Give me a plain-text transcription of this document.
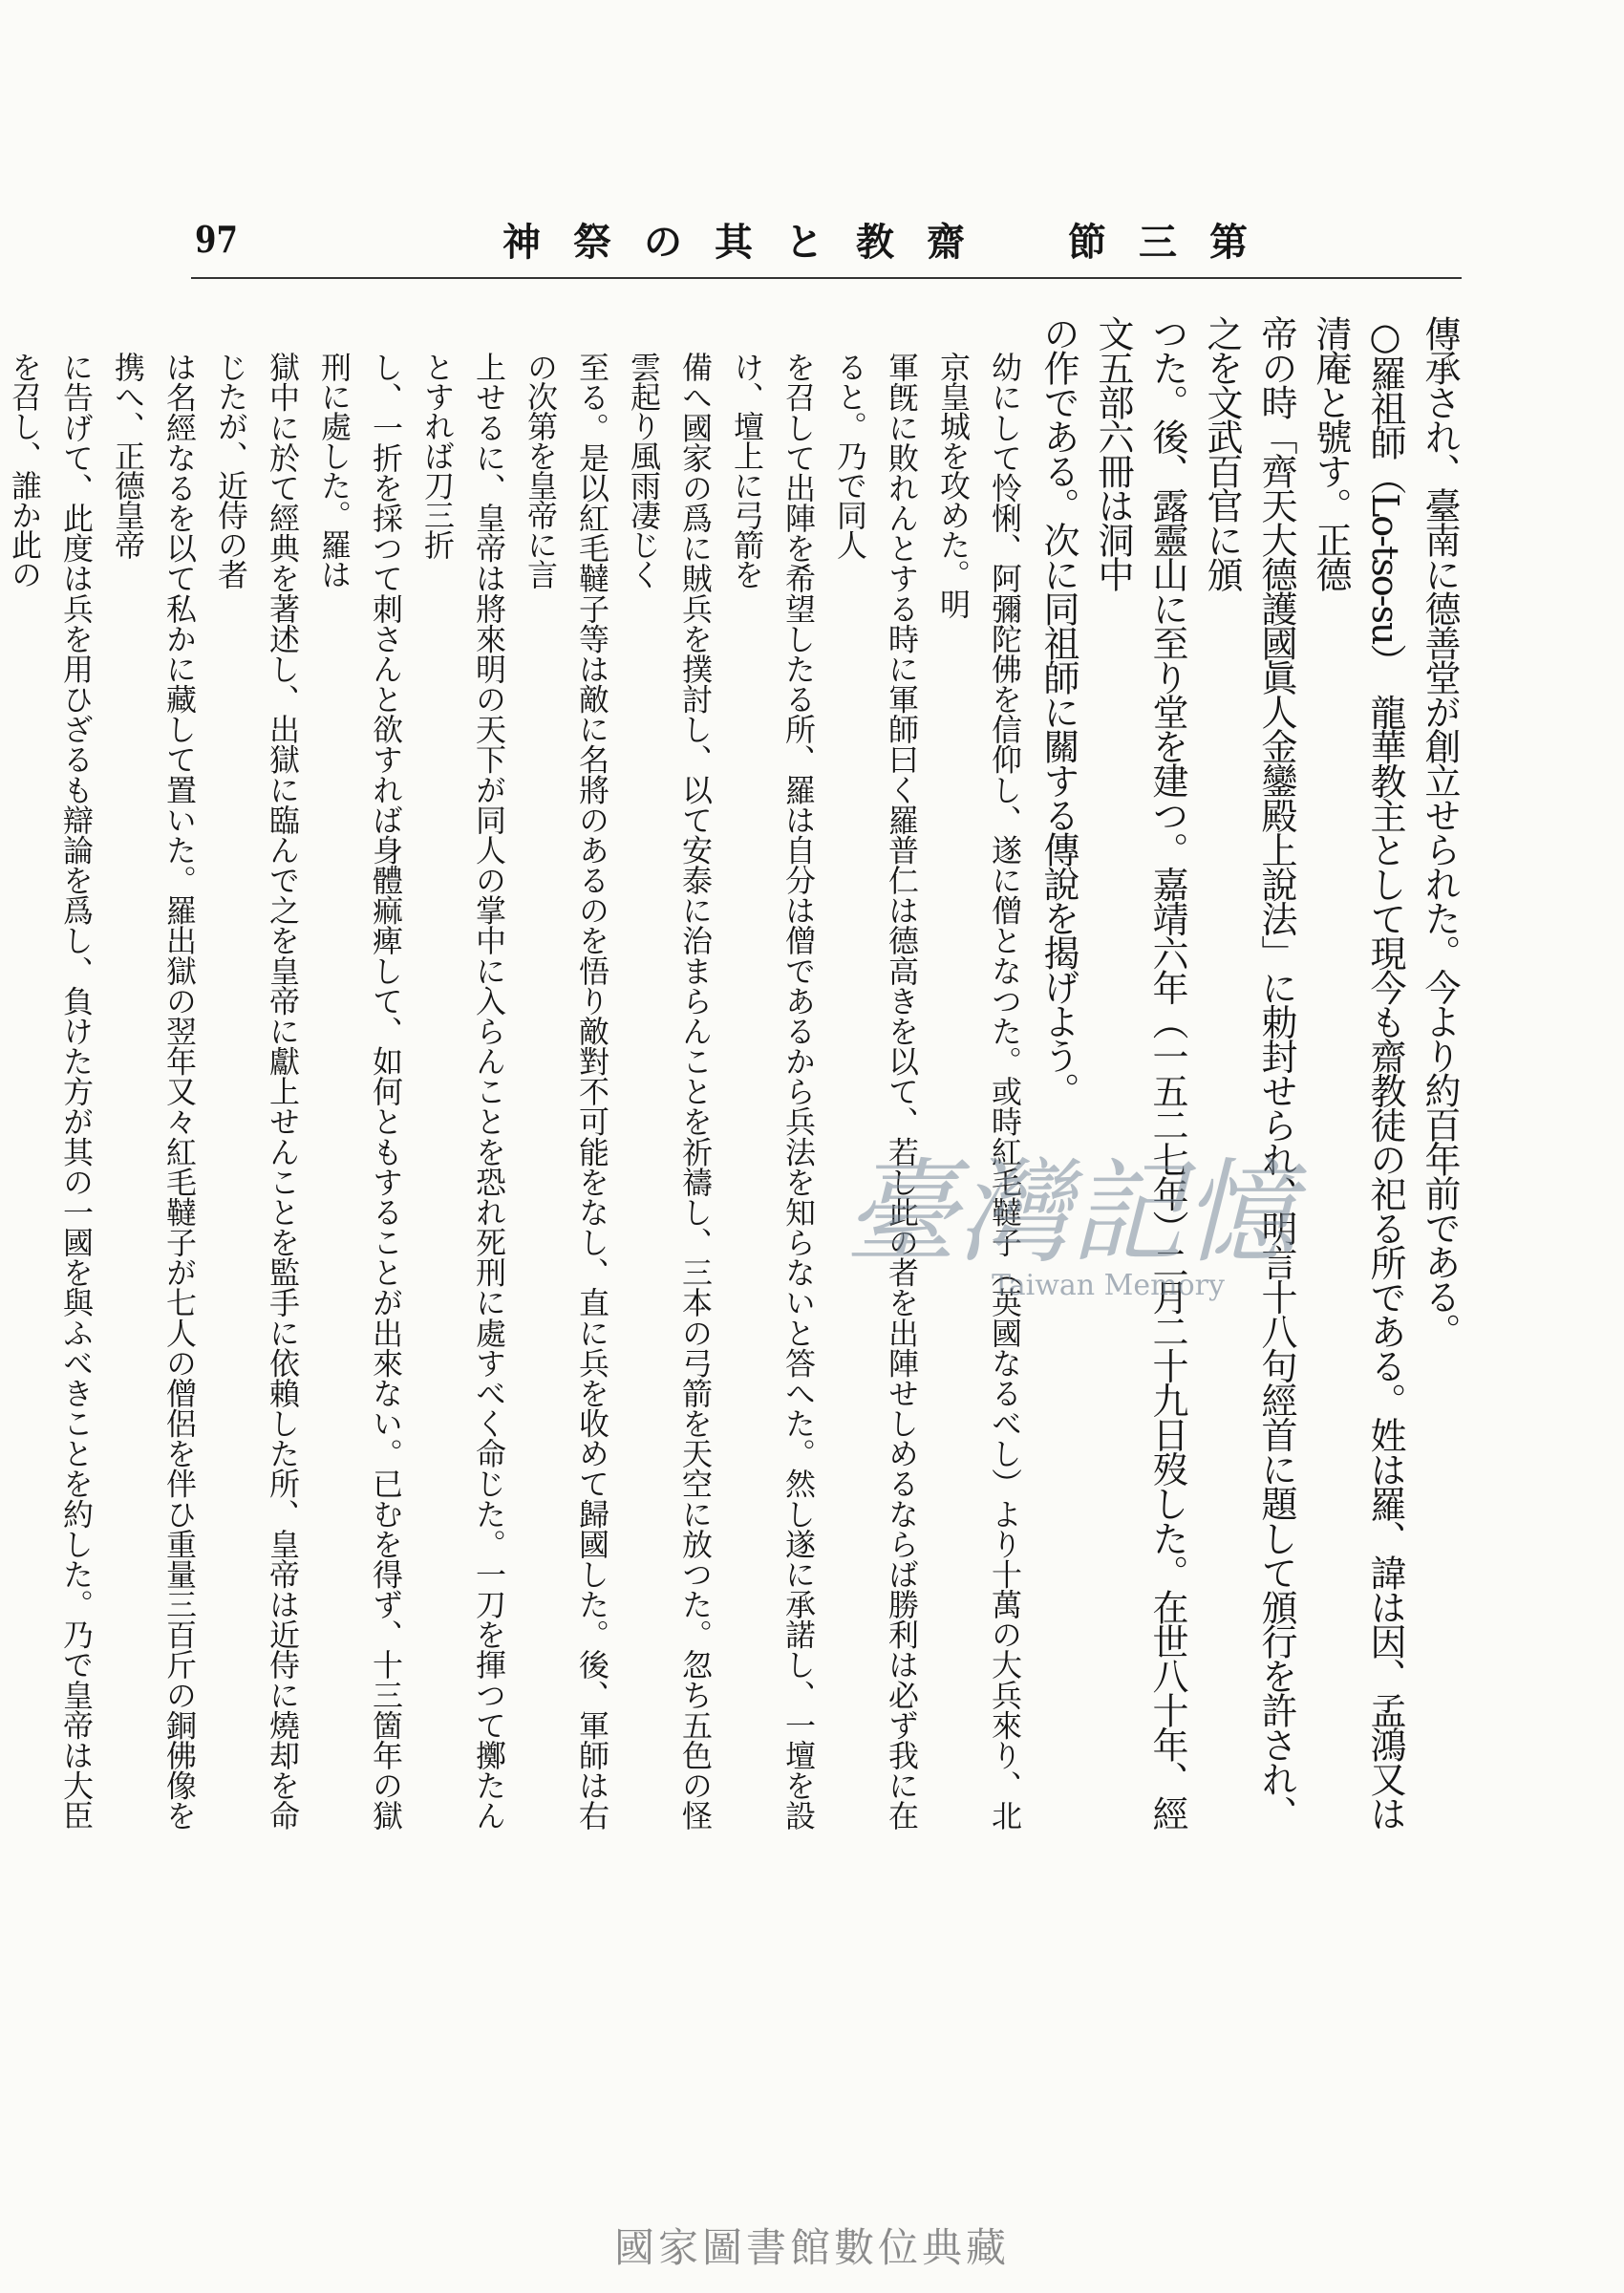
97	第三節　齋教と其の祭神

傳承され、臺南に德善堂が創立せられた。今より約百年前である。

○羅祖師（Lo-tso-su）　龍華教主として現今も齋教徒の祀る所である。姓は羅、諱は因、孟鴻又は清庵と號す。正德

帝の時「齊天大德護國眞人金鑾殿上說法」に勅封せられ、明言十八句經首に題して頒行を許され、之を文武百官に頒

つた。後、露靈山に至り堂を建つ。嘉靖六年（一五二七年）二月二十九日歿した。在世八十年、經文五部六冊は洞中

の作である。次に同祖師に關する傳說を揭げよう。

幼にして怜悧、阿彌陀佛を信仰し、遂に僧となつた。或時紅毛韃子（英國なるべし）より十萬の大兵來り、北京皇城を攻めた。明

軍旣に敗れんとする時に軍師曰く羅普仁は德高きを以て、若し此の者を出陣せしめるならば勝利は必ず我に在ると。乃で同人

を召して出陣を希望したる所、羅は自分は僧であるから兵法を知らないと答へた。然し遂に承諾し、一壇を設け、壇上に弓箭を

備へ國家の爲に賊兵を撲討し、以て安泰に治まらんことを祈禱し、三本の弓箭を天空に放つた。忽ち五色の怪雲起り風雨凄じく

至る。是以紅毛韃子等は敵に名將のあるのを悟り敵對不可能をなし、直に兵を收めて歸國した。後、軍師は右の次第を皇帝に言

上せるに、皇帝は將來明の天下が同人の掌中に入らんことを恐れ死刑に處すべく命じた。一刀を揮つて擲たんとすれば刀三折

し、一折を採つて刺さんと欲すれば身體痲痺して、如何ともすることが出來ない。已むを得ず、十三箇年の獄刑に處した。羅は

獄中に於て經典を著述し、出獄に臨んで之を皇帝に獻上せんことを監手に依賴した所、皇帝は近侍に燒却を命じたが、近侍の者

は名經なるを以て私かに藏して置いた。羅出獄の翌年又々紅毛韃子が七人の僧侶を伴ひ重量三百斤の銅佛像を携へ、正德皇帝

に告げて、此度は兵を用ひざるも辯論を爲し、負けた方が其の一國を與ふべきことを約した。乃で皇帝は大臣を召し、誰か此の

臺灣記憶
Taiwan Memory
國家圖書館數位典藏
